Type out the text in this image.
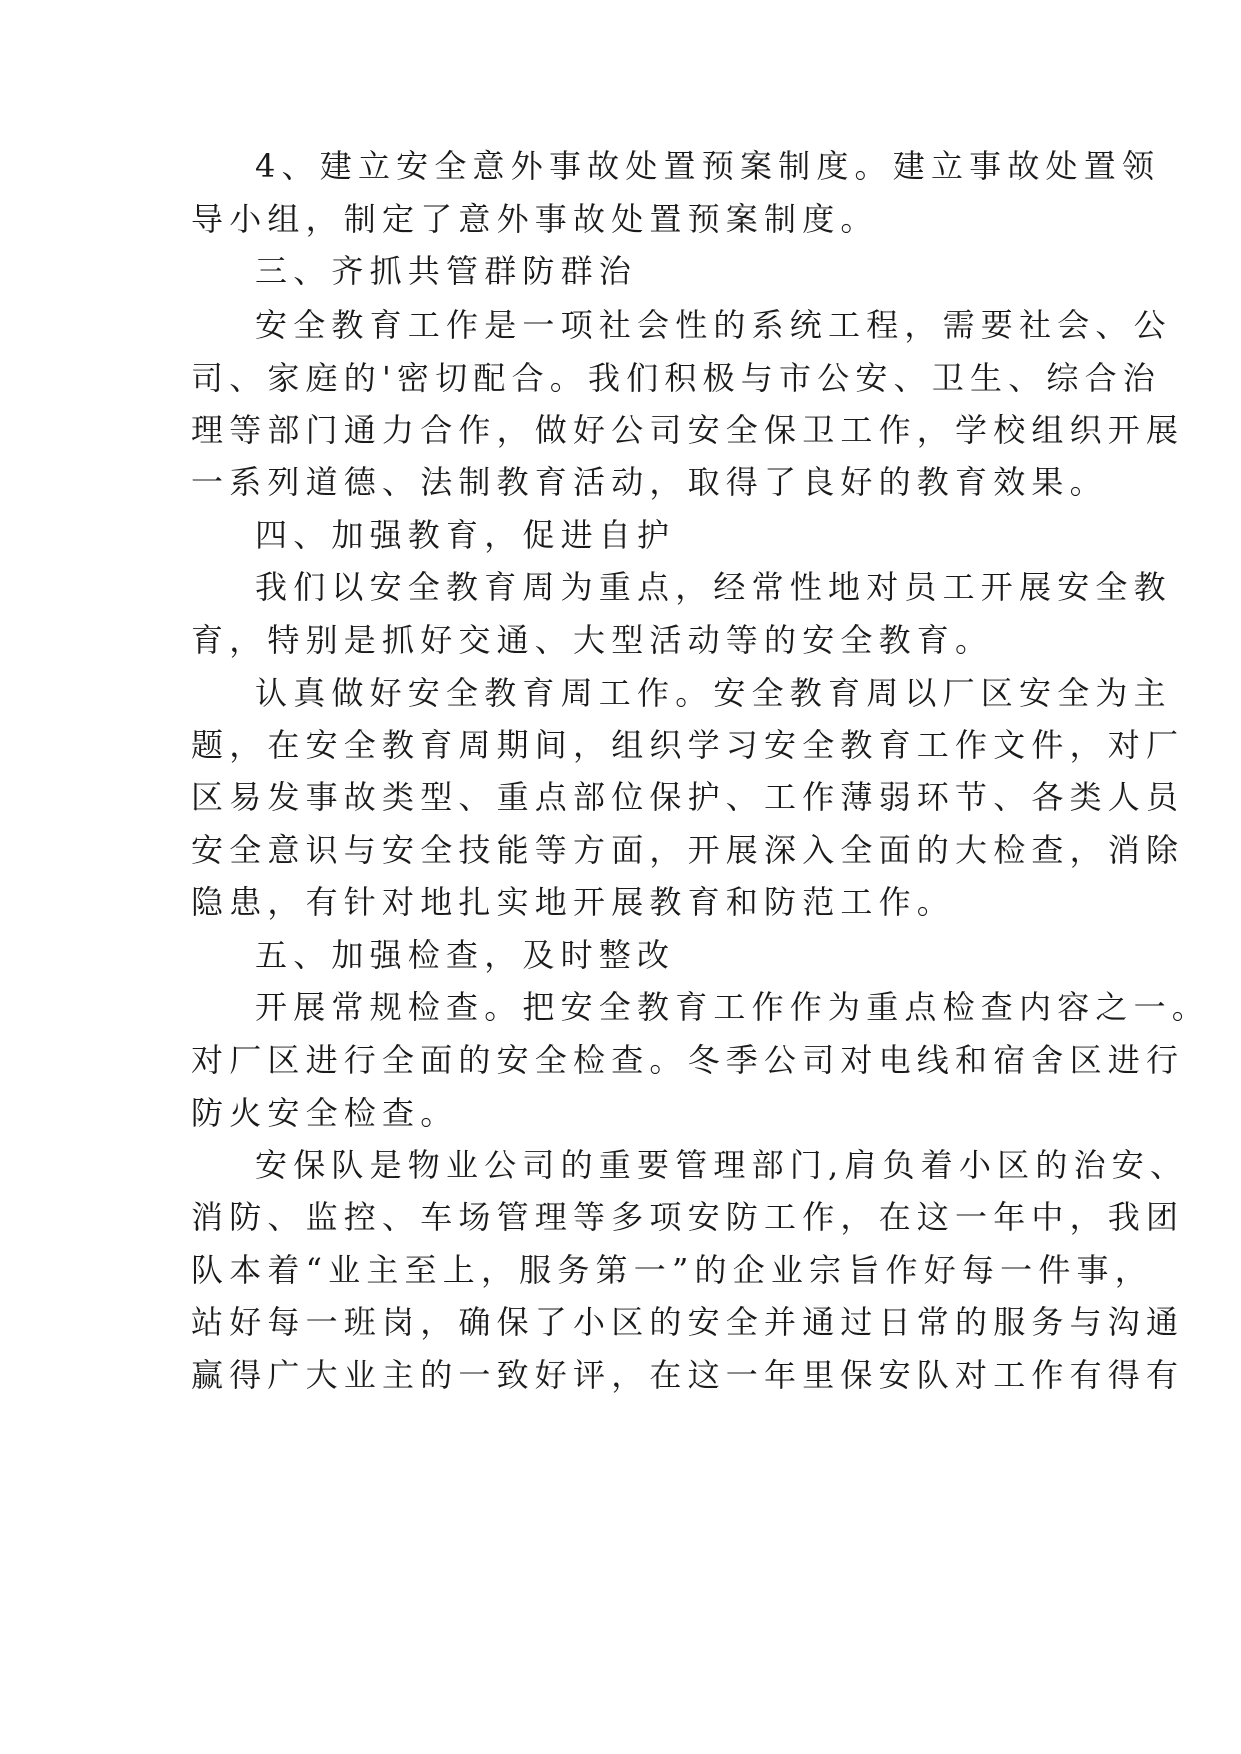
4、建立安全意外事故处置预案制度。建立事故处置领
导小组，制定了意外事故处置预案制度。
三、齐抓共管群防群治
安全教育工作是一项社会性的系统工程，需要社会、公
司、家庭的'密切配合。我们积极与市公安、卫生、综合治
理等部门通力合作，做好公司安全保卫工作，学校组织开展
一系列道德、法制教育活动，取得了良好的教育效果。
四、加强教育，促进自护
我们以安全教育周为重点，经常性地对员工开展安全教
育，特别是抓好交通、大型活动等的安全教育。
认真做好安全教育周工作。安全教育周以厂区安全为主
题，在安全教育周期间，组织学习安全教育工作文件，对厂
区易发事故类型、重点部位保护、工作薄弱环节、各类人员
安全意识与安全技能等方面，开展深入全面的大检查，消除
隐患，有针对地扎实地开展教育和防范工作。
五、加强检查，及时整改
开展常规检查。把安全教育工作作为重点检查内容之一。
对厂区进行全面的安全检查。冬季公司对电线和宿舍区进行
防火安全检查。
安保队是物业公司的重要管理部门,肩负着小区的治安、
消防、监控、车场管理等多项安防工作，在这一年中，我团
队本着“业主至上，服务第一”的企业宗旨作好每一件事，
站好每一班岗，确保了小区的安全并通过日常的服务与沟通
赢得广大业主的一致好评，在这一年里保安队对工作有得有
